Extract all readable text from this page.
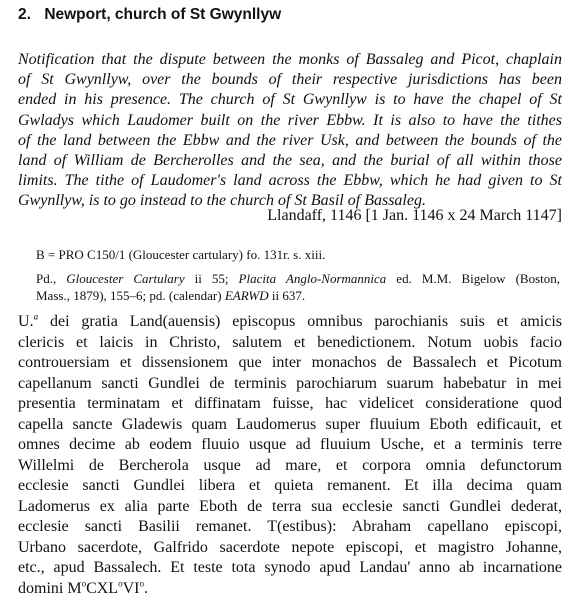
2. Newport, church of St Gwynllyw
Notification that the dispute between the monks of Bassaleg and Picot, chaplain
of St Gwynllyw, over the bounds of their respective jurisdictions has been
ended in his presence. The church of St Gwynllyw is to have the chapel of St
Gwladys which Laudomer built on the river Ebbw. It is also to have the tithes
of the land between the Ebbw and the river Usk, and between the bounds of the
land of William de Bercherolles and the sea, and the burial of all within those
limits. The tithe of Laudomer's land across the Ebbw, which he had given to St
Gwynllyw, is to go instead to the church of St Basil of Bassaleg.
Llandaff, 1146 [1 Jan. 1146 x 24 March 1147]
B = PRO C150/1 (Gloucester cartulary) fo. 131r. s. xiii.
Pd., Gloucester Cartulary ii 55; Placita Anglo-Normannica ed. M.M. Bigelow (Boston,
Mass., 1879), 155–6; pd. (calendar) EARWD ii 637.
U.$^a$ dei gratia Land(auensis) episcopus omnibus parochianis suis et amicis
clericis et laicis in Christo, salutem et benedictionem. Notum uobis facio
controuersiam et dissensionem que inter monachos de Bassalech et Picotum
capellanum sancti Gundlei de terminis parochiarum suarum habebatur in mei
presentia terminatam et diffinatam fuisse, hac videlicet consideratione quod
capella sancte Gladewis quam Laudomerus super fluuium Eboth edificauit, et
omnes decime ab eodem fluuio usque ad fluuium Usche, et a terminis terre
Willelmi de Bercherola usque ad mare, et corpora omnia defunctorum
ecclesie sancti Gundlei libera et quieta remanent. Et illa decima quam
Ladomerus ex alia parte Eboth de terra sua ecclesie sancti Gundlei dederat,
ecclesie sancti Basilii remanet. T(estibus): Abraham capellano episcopi,
Urbano sacerdote, Galfrido sacerdote nepote episcopi, et magistro Johanne,
etc., apud Bassalech. Et teste tota synodo apud Landau' anno ab incarnatione
domini $M^oCXL^oVI^o$.
